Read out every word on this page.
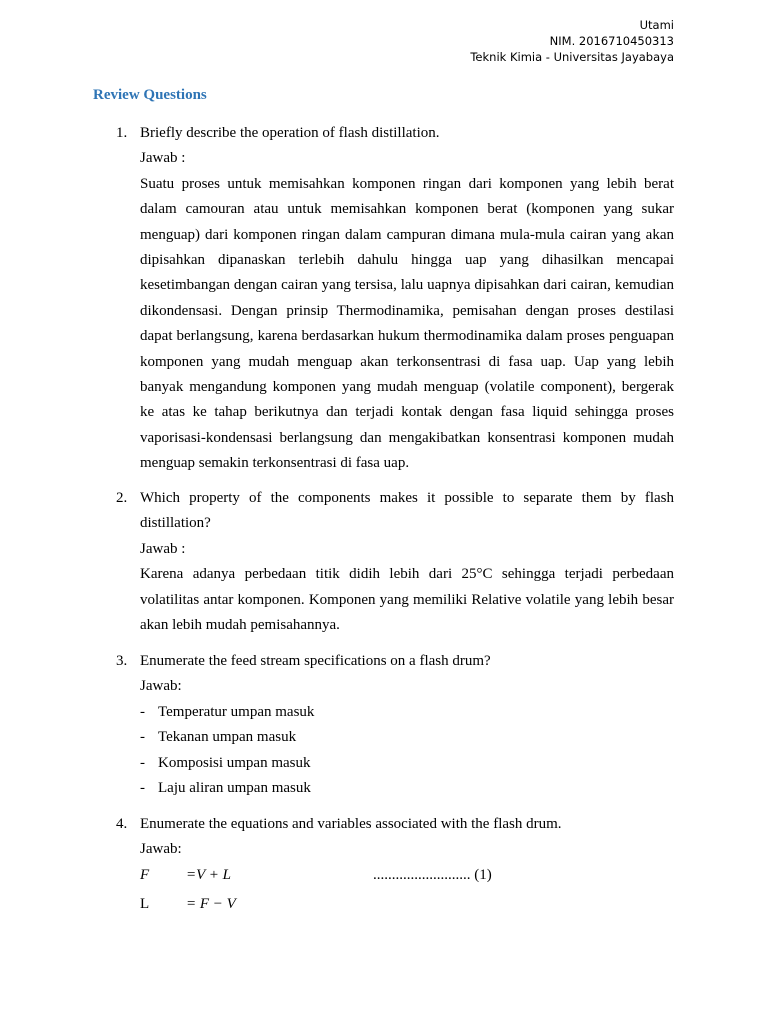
Utami
NIM. 2016710450313
Teknik Kimia - Universitas Jayabaya
Review Questions
1. Briefly describe the operation of flash distillation.
Jawab :
Suatu proses untuk memisahkan komponen ringan dari komponen yang lebih berat dalam camouran atau untuk memisahkan komponen berat (komponen yang sukar menguap) dari komponen ringan dalam campuran dimana mula-mula cairan yang akan dipisahkan dipanaskan terlebih dahulu hingga uap yang dihasilkan mencapai kesetimbangan dengan cairan yang tersisa, lalu uapnya dipisahkan dari cairan, kemudian dikondensasi. Dengan prinsip Thermodinamika, pemisahan dengan proses destilasi dapat berlangsung, karena berdasarkan hukum thermodinamika dalam proses penguapan komponen yang mudah menguap akan terkonsentrasi di fasa uap. Uap yang lebih banyak mengandung komponen yang mudah menguap (volatile component), bergerak ke atas ke tahap berikutnya dan terjadi kontak dengan fasa liquid sehingga proses vaporisasi-kondensasi berlangsung dan mengakibatkan konsentrasi komponen mudah menguap semakin terkonsentrasi di fasa uap.
2. Which property of the components makes it possible to separate them by flash distillation?
Jawab :
Karena adanya perbedaan titik didih lebih dari 25°C sehingga terjadi perbedaan volatilitas antar komponen. Komponen yang memiliki Relative volatile yang lebih besar akan lebih mudah pemisahannya.
3. Enumerate the feed stream specifications on a flash drum?
Jawab:
- Temperatur umpan masuk
- Tekanan umpan masuk
- Komposisi umpan masuk
- Laju aliran umpan masuk
4. Enumerate the equations and variables associated with the flash drum.
Jawab:
F =V + L	.......................... (1)
L = F − V
